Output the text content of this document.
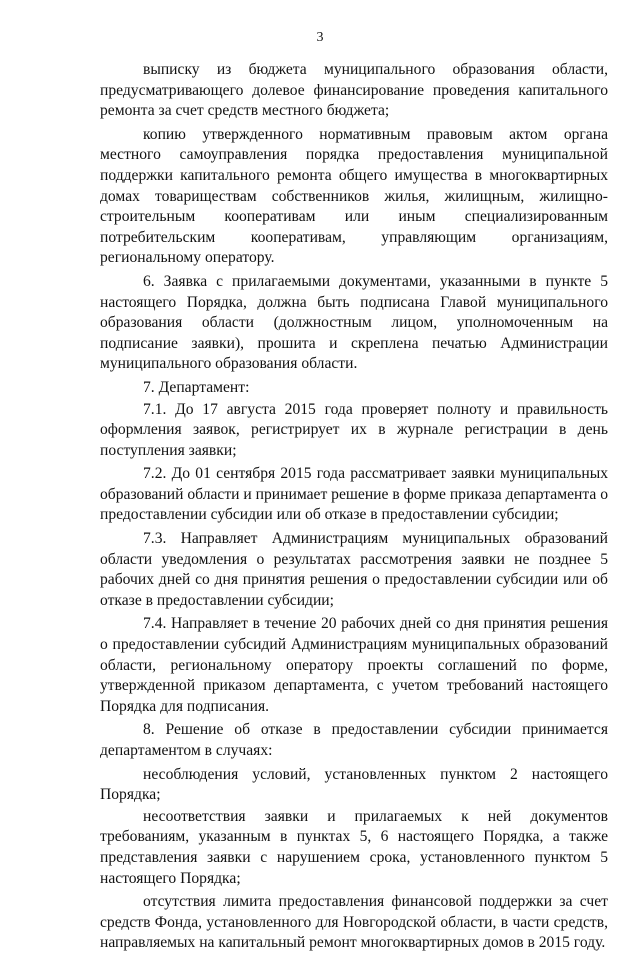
3

выписку из бюджета муниципального образования области, предусматривающего долевое финансирование проведения капитального ремонта за счет средств местного бюджета;

копию утвержденного нормативным правовым актом органа местного самоуправления порядка предоставления муниципальной поддержки капитального ремонта общего имущества в многоквартирных домах товариществам собственников жилья, жилищным, жилищно-строительным кооперативам или иным специализированным потребительским кооперативам, управляющим организациям, региональному оператору.

6. Заявка с прилагаемыми документами, указанными в пункте 5 настоящего Порядка, должна быть подписана Главой муниципального образования области (должностным лицом, уполномоченным на подписание заявки), прошита и скреплена печатью Администрации муниципального образования области.

7. Департамент:

7.1. До 17 августа 2015 года проверяет полноту и правильность оформления заявок, регистрирует их в журнале регистрации в день поступления заявки;

7.2. До 01 сентября 2015 года рассматривает заявки муниципальных образований области и принимает решение в форме приказа департамента о предоставлении субсидии или об отказе в предоставлении субсидии;

7.3. Направляет Администрациям муниципальных образований области уведомления о результатах рассмотрения заявки не позднее 5 рабочих дней со дня принятия решения о предоставлении субсидии или об отказе в предоставлении субсидии;

7.4. Направляет в течение 20 рабочих дней со дня принятия решения о предоставлении субсидий Администрациям муниципальных образований области, региональному оператору проекты соглашений по форме, утвержденной приказом департамента, с учетом требований настоящего Порядка для подписания.

8. Решение об отказе в предоставлении субсидии принимается департаментом в случаях:

несоблюдения условий, установленных пунктом 2 настоящего Порядка;

несоответствия заявки и прилагаемых к ней документов требованиям, указанным в пунктах 5, 6 настоящего Порядка, а также представления заявки с нарушением срока, установленного пунктом 5 настоящего Порядка;

отсутствия лимита предоставления финансовой поддержки за счет средств Фонда, установленного для Новгородской области, в части средств, направляемых на капитальный ремонт многоквартирных домов в 2015 году.
